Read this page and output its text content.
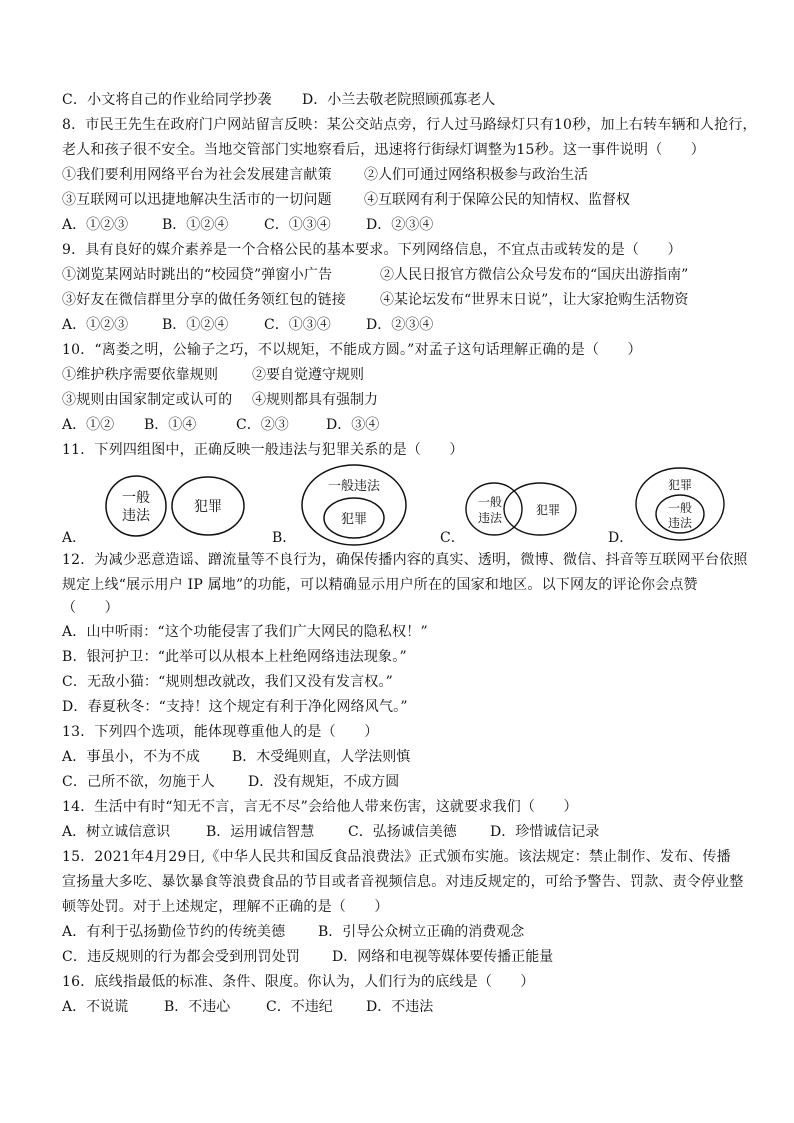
C．小文将自己的作业给同学抄袭 D．小兰去敬老院照顾孤寡老人
8．市民王先生在政府门户网站留言反映：某公交站点旁，行人过马路绿灯只有10秒，加上右转车辆和人抢行，
老人和孩子很不安全。当地交管部门实地察看后，迅速将行街绿灯调整为15秒。这一事件说明（　　）
①我们要利用网络平台为社会发展建言献策 ②人们可通过网络积极参与政治生活
③互联网可以迅捷地解决生活市的一切问题 ④互联网有利于保障公民的知情权、监督权
A．①②③ B．①②④	C．①③④	D．②③④
9．具有良好的媒介素养是一个合格公民的基本要求。下列网络信息，不宜点击或转发的是（　　）
①浏览某网站时跳出的“校园贷”弹窗小广告	②人民日报官方微信公众号发布的“国庆出游指南”
③好友在微信群里分享的做任务领红包的链接 ④某论坛发布“世界末日说”，让大家抢购生活物资
A．①②③ B．①②④	C．①③④	D．②③④
10．“离娄之明，公输子之巧，不以规矩，不能成方圆。”对孟子这句话理解正确的是（　　）
①维护秩序需要依靠规则 ②要自觉遵守规则
③规则由国家制定或认可的 ④规则都具有强制力
A．①② B．①④	C．②③	D．③④
11．下列四组图中，正确反映一般违法与犯罪关系的是（　　）
A．
一般
违法
犯罪
B．
一般违法
犯罪
C．
一般
违法
犯罪
D．
犯罪
一般
违法
12．为减少恶意造谣、蹭流量等不良行为，确保传播内容的真实、透明，微博、微信、抖音等互联网平台依照
规定上线“展示用户 IP 属地”的功能，可以精确显示用户所在的国家和地区。以下网友的评论你会点赞
（　　）
A．山中听雨：“这个功能侵害了我们广大网民的隐私权！”
B．银河护卫：“此举可以从根本上杜绝网络违法现象。”
C．无敌小猫：“规则想改就改，我们又没有发言权。”
D．春夏秋冬：“支持！这个规定有利于净化网络风气。”
13．下列四个选项，能体现尊重他人的是（　　）
A．事虽小，不为不成 B．木受绳则直，人学法则慎
C．己所不欲，勿施于人 D．没有规矩，不成方圆
14．生活中有时“知无不言，言无不尽”会给他人带来伤害，这就要求我们（　　）
A．树立诚信意识	B．运用诚信智慧 C．弘扬诚信美德 D．珍惜诚信记录
15．2021年4月29日,《中华人民共和国反食品浪费法》正式颁布实施。该法规定：禁止制作、发布、传播
宣扬量大多吃、暴饮暴食等浪费食品的节目或者音视频信息。对违反规定的，可给予警告、罚款、责令停业整
顿等处罚。对于上述规定，理解不正确的是（　　）
A．有利于弘扬勤俭节约的传统美德 B．引导公众树立正确的消费观念
C．违反规则的行为都会受到刑罚处罚 D．网络和电视等媒体要传播正能量
16．底线指最低的标准、条件、限度。你认为，人们行为的底线是（　　）
A．不说谎	B．不违心	C．不违纪 D．不违法
